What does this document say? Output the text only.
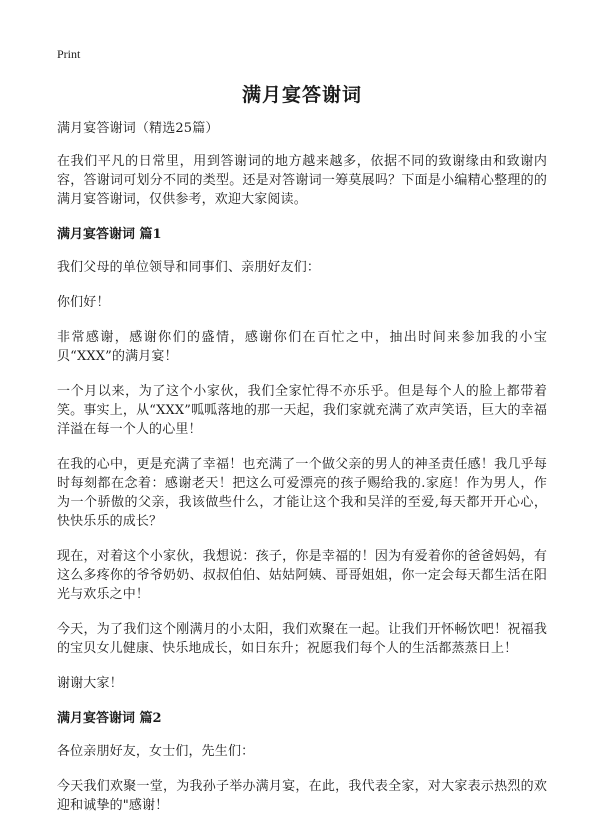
Print
满月宴答谢词

满月宴答谢词（精选25篇）

在我们平凡的日常里，用到答谢词的地方越来越多，依据不同的致谢缘由和致谢内容，答谢词可划分不同的类型。还是对答谢词一筹莫展吗？下面是小编精心整理的的满月宴答谢词，仅供参考，欢迎大家阅读。

满月宴答谢词 篇1

我们父母的单位领导和同事们、亲朋好友们：

你们好！

非常感谢，感谢你们的盛情，感谢你们在百忙之中，抽出时间来参加我的小宝贝“XXX”的满月宴！

一个月以来，为了这个小家伙，我们全家忙得不亦乐乎。但是每个人的脸上都带着笑。事实上，从“XXX”呱呱落地的那一天起，我们家就充满了欢声笑语，巨大的幸福洋溢在每一个人的心里！

在我的心中，更是充满了幸福！也充满了一个做父亲的男人的神圣责任感！我几乎每时每刻都在念着：感谢老天！把这么可爱漂亮的孩子赐给我的.家庭！作为男人，作为一个骄傲的父亲，我该做些什么，才能让这个我和吴洋的至爱,每天都开开心心，快快乐乐的成长？

现在，对着这个小家伙，我想说：孩子，你是幸福的！因为有爱着你的爸爸妈妈，有这么多疼你的爷爷奶奶、叔叔伯伯、姑姑阿姨、哥哥姐姐，你一定会每天都生活在阳光与欢乐之中！

今天，为了我们这个刚满月的小太阳，我们欢聚在一起。让我们开怀畅饮吧！祝福我的宝贝女儿健康、快乐地成长，如日东升；祝愿我们每个人的生活都蒸蒸日上！

谢谢大家！

满月宴答谢词 篇2

各位亲朋好友，女士们，先生们：

今天我们欢聚一堂，为我孙子举办满月宴，在此，我代表全家，对大家表示热烈的欢迎和诚挚的"感谢！
